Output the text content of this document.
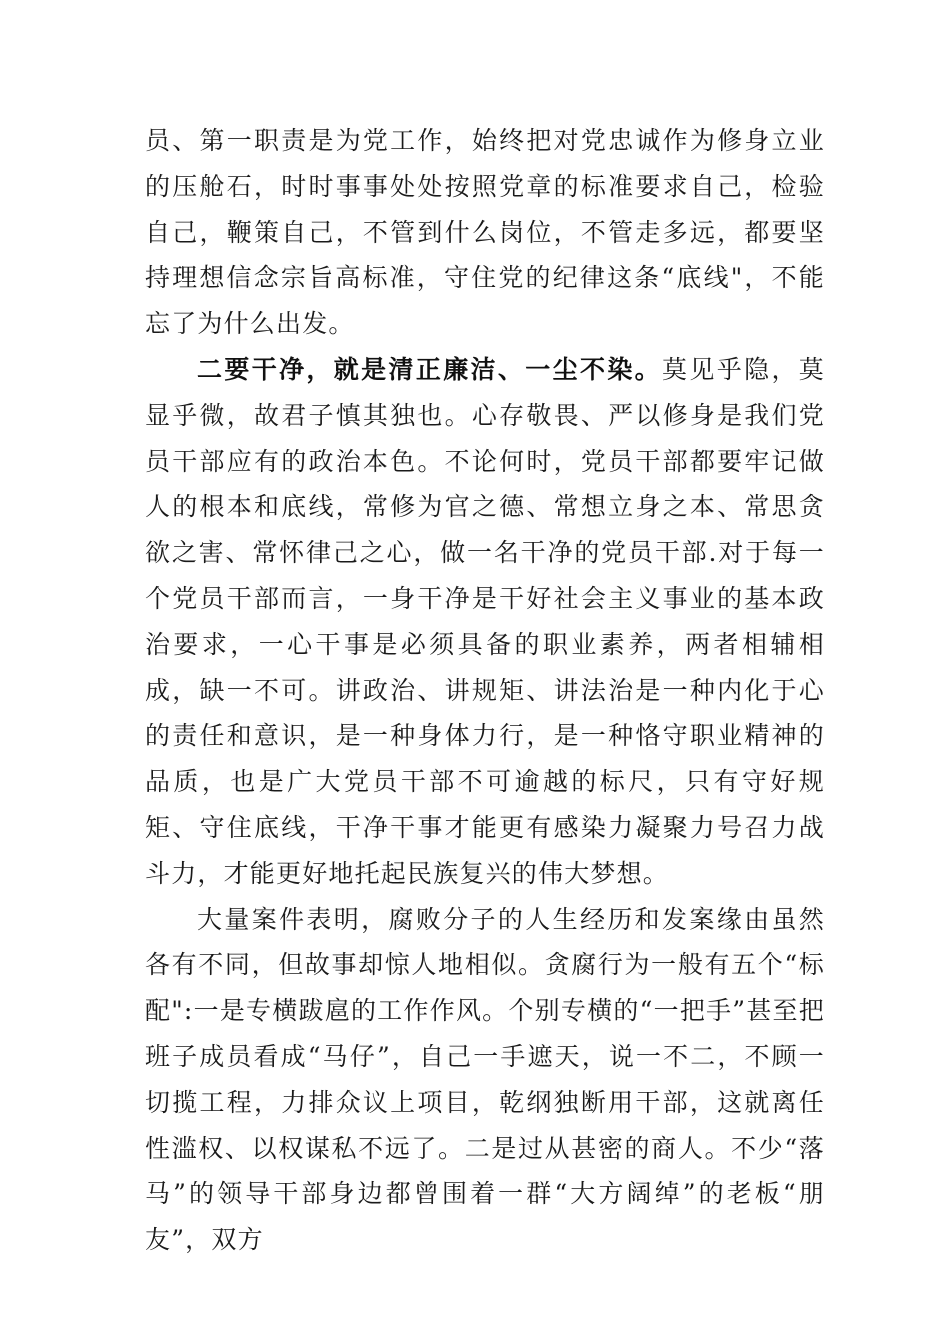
员、第一职责是为党工作，始终把对党忠诚作为修身立业的压舱石，时时事事处处按照党章的标准要求自己，检验自己，鞭策自己，不管到什么岗位，不管走多远，都要坚持理想信念宗旨高标准，守住党的纪律这条“底线"，不能忘了为什么出发。

二要干净，就是清正廉洁、一尘不染。莫见乎隐，莫显乎微，故君子慎其独也。心存敬畏、严以修身是我们党员干部应有的政治本色。不论何时，党员干部都要牢记做人的根本和底线，常修为官之德、常想立身之本、常思贪欲之害、常怀律己之心，做一名干净的党员干部.对于每一个党员干部而言，一身干净是干好社会主义事业的基本政治要求，一心干事是必须具备的职业素养，两者相辅相成，缺一不可。讲政治、讲规矩、讲法治是一种内化于心的责任和意识，是一种身体力行，是一种恪守职业精神的品质，也是广大党员干部不可逾越的标尺，只有守好规矩、守住底线，干净干事才能更有感染力凝聚力号召力战斗力，才能更好地托起民族复兴的伟大梦想。

大量案件表明，腐败分子的人生经历和发案缘由虽然各有不同，但故事却惊人地相似。贪腐行为一般有五个“标配":一是专横跋扈的工作作风。个别专横的“一把手”甚至把班子成员看成“马仔”，自己一手遮天，说一不二，不顾一切揽工程，力排众议上项目，乾纲独断用干部，这就离任性滥权、以权谋私不远了。二是过从甚密的商人。不少“落马”的领导干部身边都曾围着一群“大方阔绰”的老板“朋友”，双方
